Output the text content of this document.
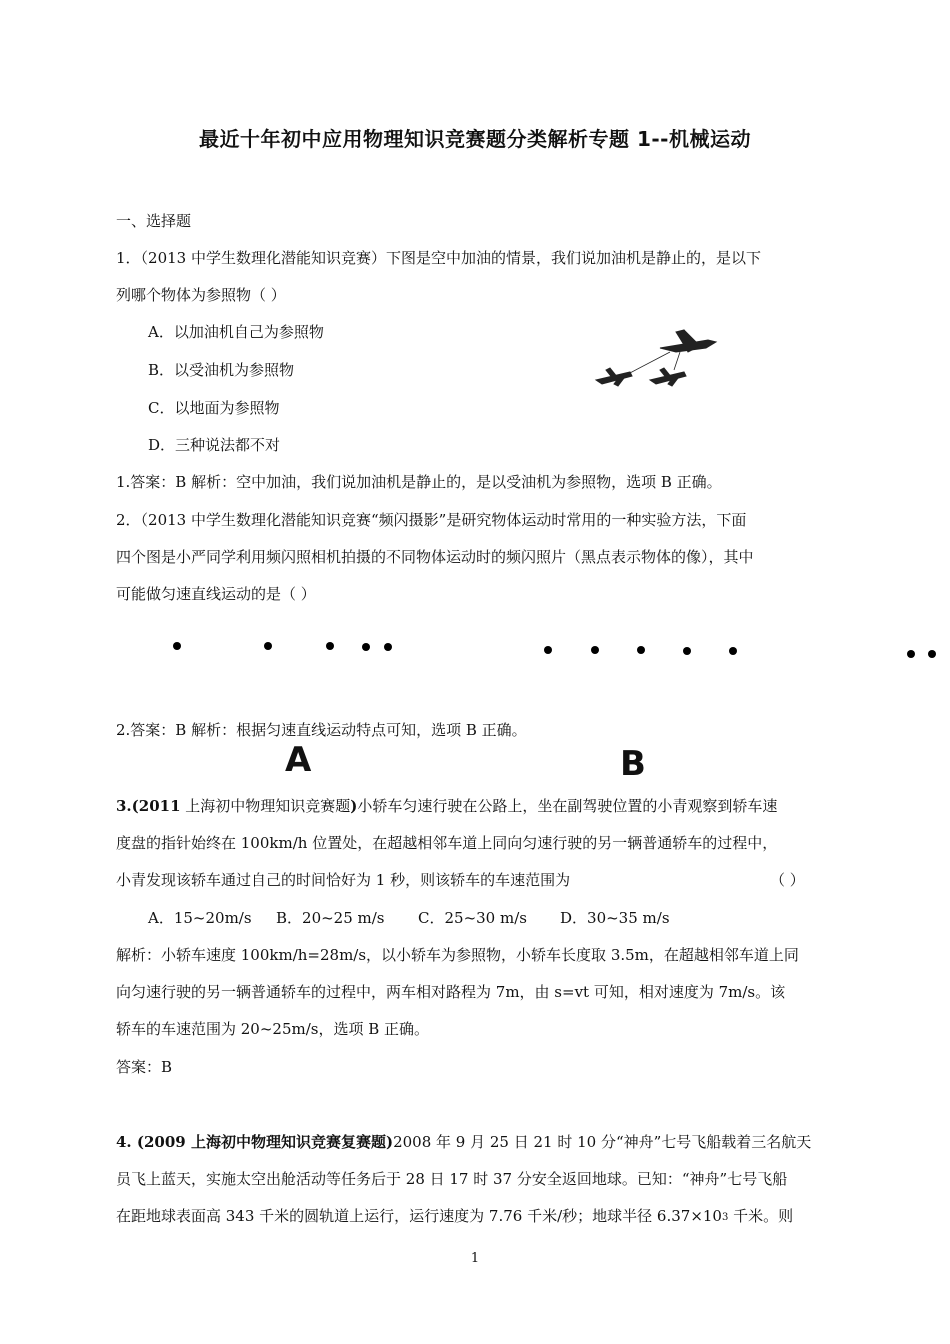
最近十年初中应用物理知识竞赛题分类解析专题 1--机械运动
一、选择题
1．（2013 中学生数理化潜能知识竞赛）下图是空中加油的情景，我们说加油机是静止的，是以下
列哪个物体为参照物（ ）
A．以加油机自己为参照物
B．以受油机为参照物
C．以地面为参照物
D．三种说法都不对
1.答案：B 解析：空中加油，我们说加油机是静止的，是以受油机为参照物，选项 B 正确。
2．（2013 中学生数理化潜能知识竞赛“频闪摄影”是研究物体运动时常用的一种实验方法，下面
四个图是小严同学利用频闪照相机拍摄的不同物体运动时的频闪照片（黑点表示物体的像），其中
可能做匀速直线运动的是（ ）
2.答案：B 解析：根据匀速直线运动特点可知，选项 B 正确。
A	B
3.(2011 上海初中物理知识竞赛题)小轿车匀速行驶在公路上，坐在副驾驶位置的小青观察到轿车速
度盘的指针始终在 100km/h 位置处，在超越相邻车道上同向匀速行驶的另一辆普通轿车的过程中，
小青发现该轿车通过自己的时间恰好为 1 秒，则该轿车的车速范围为	（ ）
A．15~20m/s B．20~25 m/s C．25~30 m/s D．30~35 m/s
解析：小轿车速度 100km/h=28m/s，以小轿车为参照物，小轿车长度取 3.5m，在超越相邻车道上同
向匀速行驶的另一辆普通轿车的过程中，两车相对路程为 7m，由 s=vt 可知，相对速度为 7m/s。该
轿车的车速范围为 20~25m/s，选项 B 正确。
答案：B
4. (2009 上海初中物理知识竞赛复赛题)2008 年 9 月 25 日 21 时 10 分“神舟”七号飞船载着三名航天
员飞上蓝天，实施太空出舱活动等任务后于 28 日 17 时 37 分安全返回地球。已知：“神舟”七号飞船
在距地球表面高 343 千米的圆轨道上运行，运行速度为 7.76 千米/秒；地球半径 $6.37\times 10_3$ 千米。则
1
